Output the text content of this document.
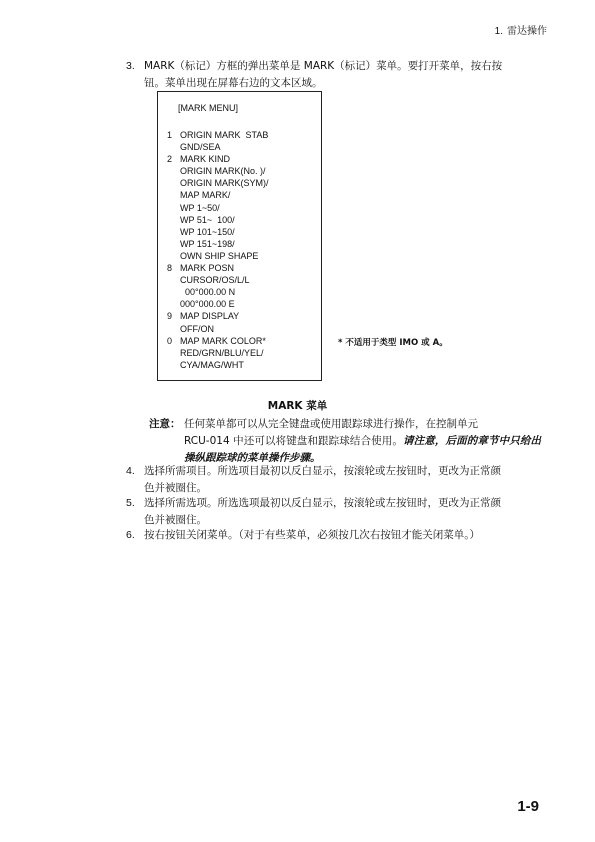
1. 雷达操作
3. MARK（标记）方框的弹出菜单是 MARK（标记）菜单。要打开菜单，按右按
钮。菜单出现在屏幕右边的文本区域。
[MARK MENU]
1 ORIGIN MARK  STAB
GND/SEA
2 MARK KIND
ORIGIN MARK(No. )/
ORIGIN MARK(SYM)/
MAP MARK/
WP 1~50/
WP 51~  100/
WP 101~150/
WP 151~198/
OWN SHIP SHAPE
8 MARK POSN
CURSOR/OS/L/L
00°000.00 N
000°000.00 E
9 MAP DISPLAY
OFF/ON
0 MAP MARK COLOR*
RED/GRN/BLU/YEL/
CYA/MAG/WHT
* 不适用于类型 IMO 或 A。
MARK 菜单
注意： 任何菜单都可以从完全键盘或使用跟踪球进行操作，在控制单元
RCU-014 中还可以将键盘和跟踪球结合使用。请注意，后面的章节中只给出操纵跟踪球的菜单操作步骤。
4. 选择所需项目。所选项目最初以反白显示，按滚轮或左按钮时，更改为正常颜
色并被圈住。
5. 选择所需选项。所选选项最初以反白显示，按滚轮或左按钮时，更改为正常颜
色并被圈住。
6. 按右按钮关闭菜单。（对于有些菜单，必须按几次右按钮才能关闭菜单。）
1-9
